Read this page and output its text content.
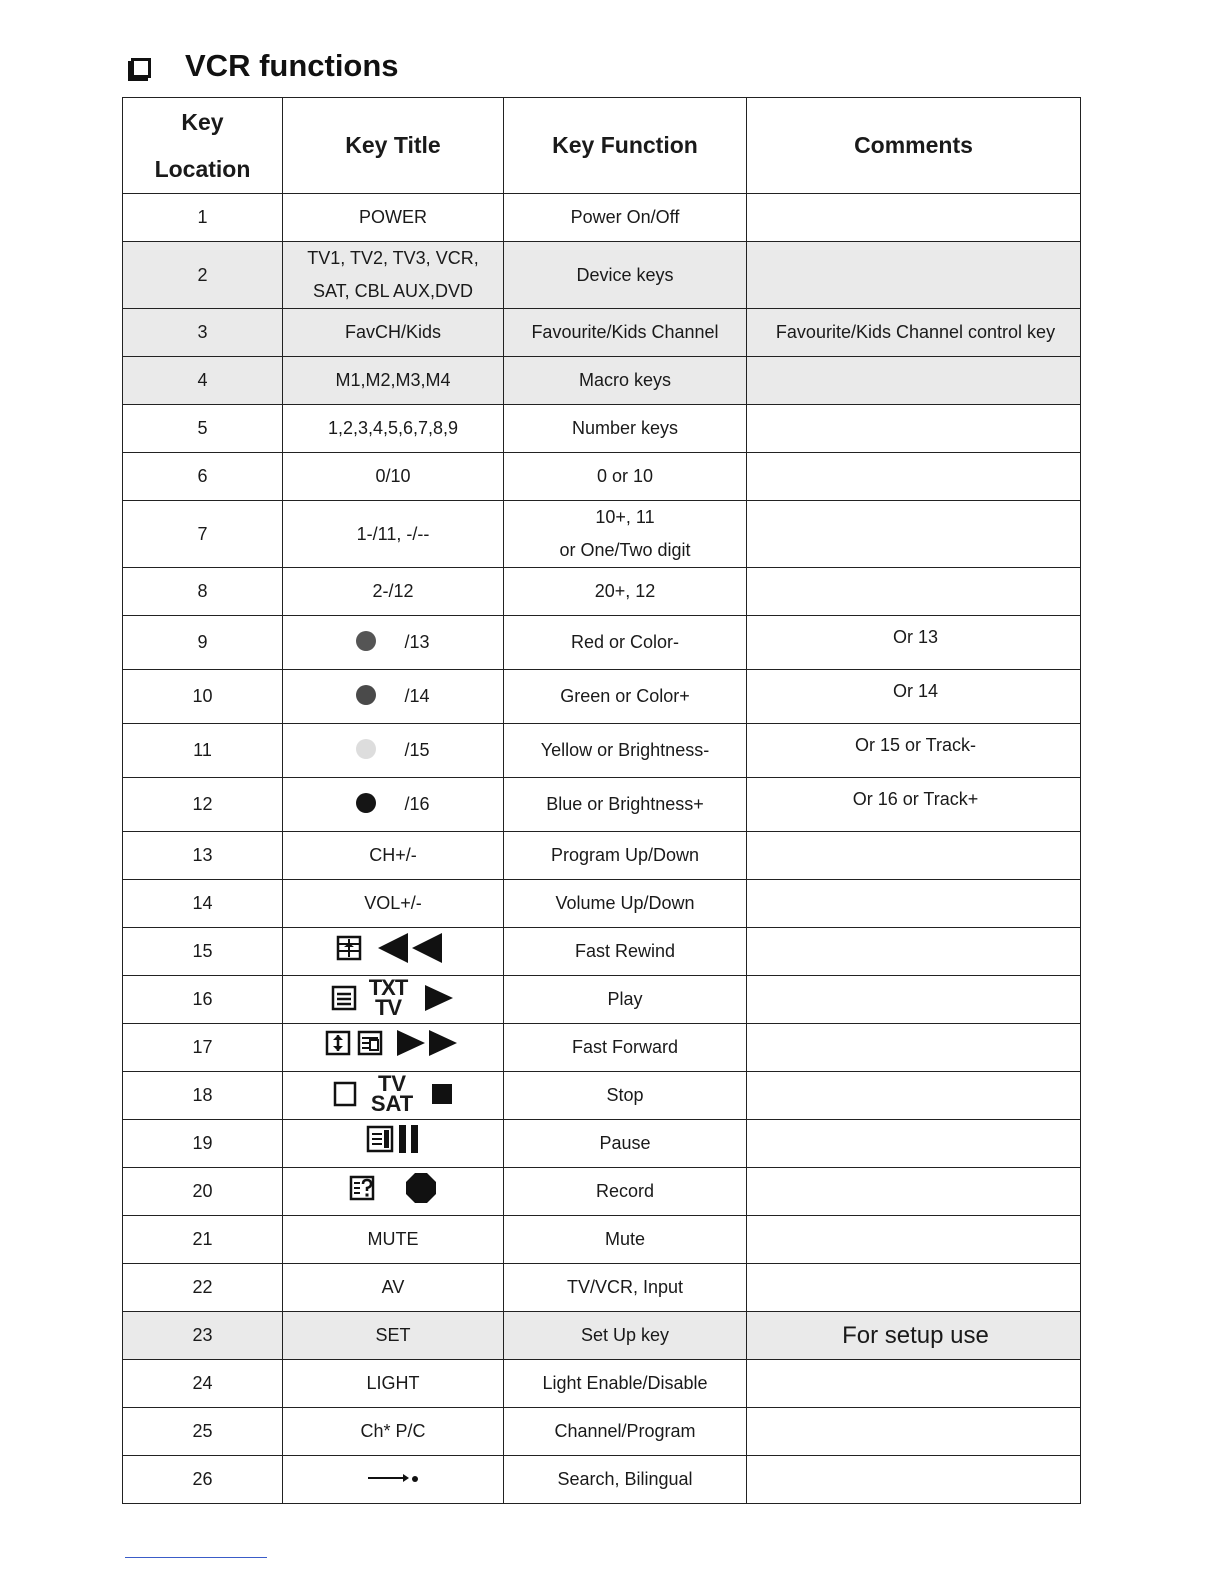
VCR functions
Key
Location	Key Title	Key Function	Comments
1	POWER	Power On/Off	
2	TV1, TV2, TV3, VCR,
SAT, CBL AUX,DVD	Device keys	
3	FavCH/Kids	Favourite/Kids Channel	Favourite/Kids Channel control key
4	M1,M2,M3,M4	Macro keys	
5	1,2,3,4,5,6,7,8,9	Number keys	
6	0/10	0 or 10	
7	1-/11, -/--	10+, 11
or One/Two digit	

8	2-/12	20+, 12	
9	/13	Red or Color-	Or 13
10	/14	Green or Color+	Or 14
11	/15	Yellow or Brightness-	Or 15 or Track-
12	/16	Blue or Brightness+	Or 16 or Track+
13	CH+/-	Program Up/Down	
14	VOL+/-	Volume Up/Down	
15		Fast Rewind	
16	TXT
TV	Play	
17		Fast Forward	
18	TV
SAT	Stop	
19		Pause	
20		Record	
21	MUTE	Mute	
22	AV	TV/VCR, Input	
23	SET	Set Up key	For setup use
24	LIGHT	Light Enable/Disable	
25	Ch* P/C	Channel/Program	
26		Search, Bilingual	
